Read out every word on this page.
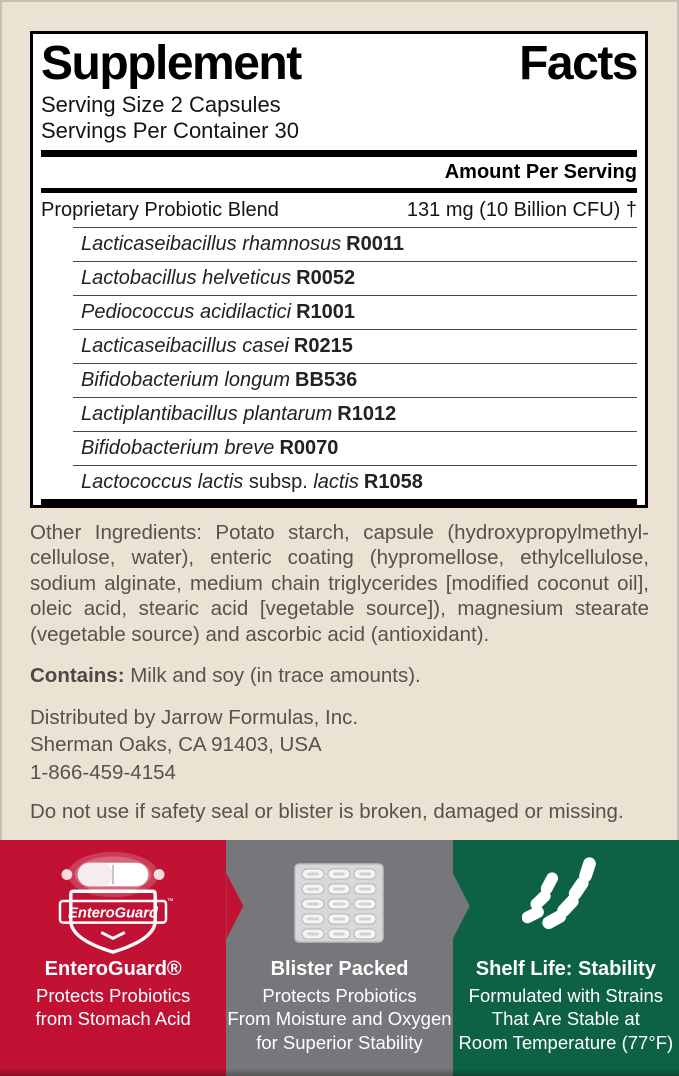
Supplement	Facts
Serving Size 2 Capsules
Servings Per Container 30
Amount Per Serving
Proprietary Probiotic Blend	131 mg (10 Billion CFU) †
Lacticaseibacillus rhamnosus R0011
Lactobacillus helveticus R0052
Pediococcus acidilactici R1001
Lacticaseibacillus casei R0215
Bifidobacterium longum BB536
Lactiplantibacillus plantarum R1012
Bifidobacterium breve R0070
Lactococcus lactis subsp. lactis R1058

Other Ingredients: Potato starch, capsule (hydroxypropylmethyl-cellulose, water), enteric coating (hypromellose, ethylcellulose, sodium alginate, medium chain triglycerides [modified coconut oil], oleic acid, stearic acid [vegetable source]), magnesium stearate (vegetable source) and ascorbic acid (antioxidant).

Contains: Milk and soy (in trace amounts).

Distributed by Jarrow Formulas, Inc.
Sherman Oaks, CA 91403, USA
1-866-459-4154

Do not use if safety seal or blister is broken, damaged or missing.
EnteroGuard
™
EnteroGuard®

Protects Probiotics

from Stomach Acid

Blister Packed

Protects Probiotics

From Moisture and Oxygen

for Superior Stability

Shelf Life: Stability

Formulated with Strains

That Are Stable at

Room Temperature (77°F)
